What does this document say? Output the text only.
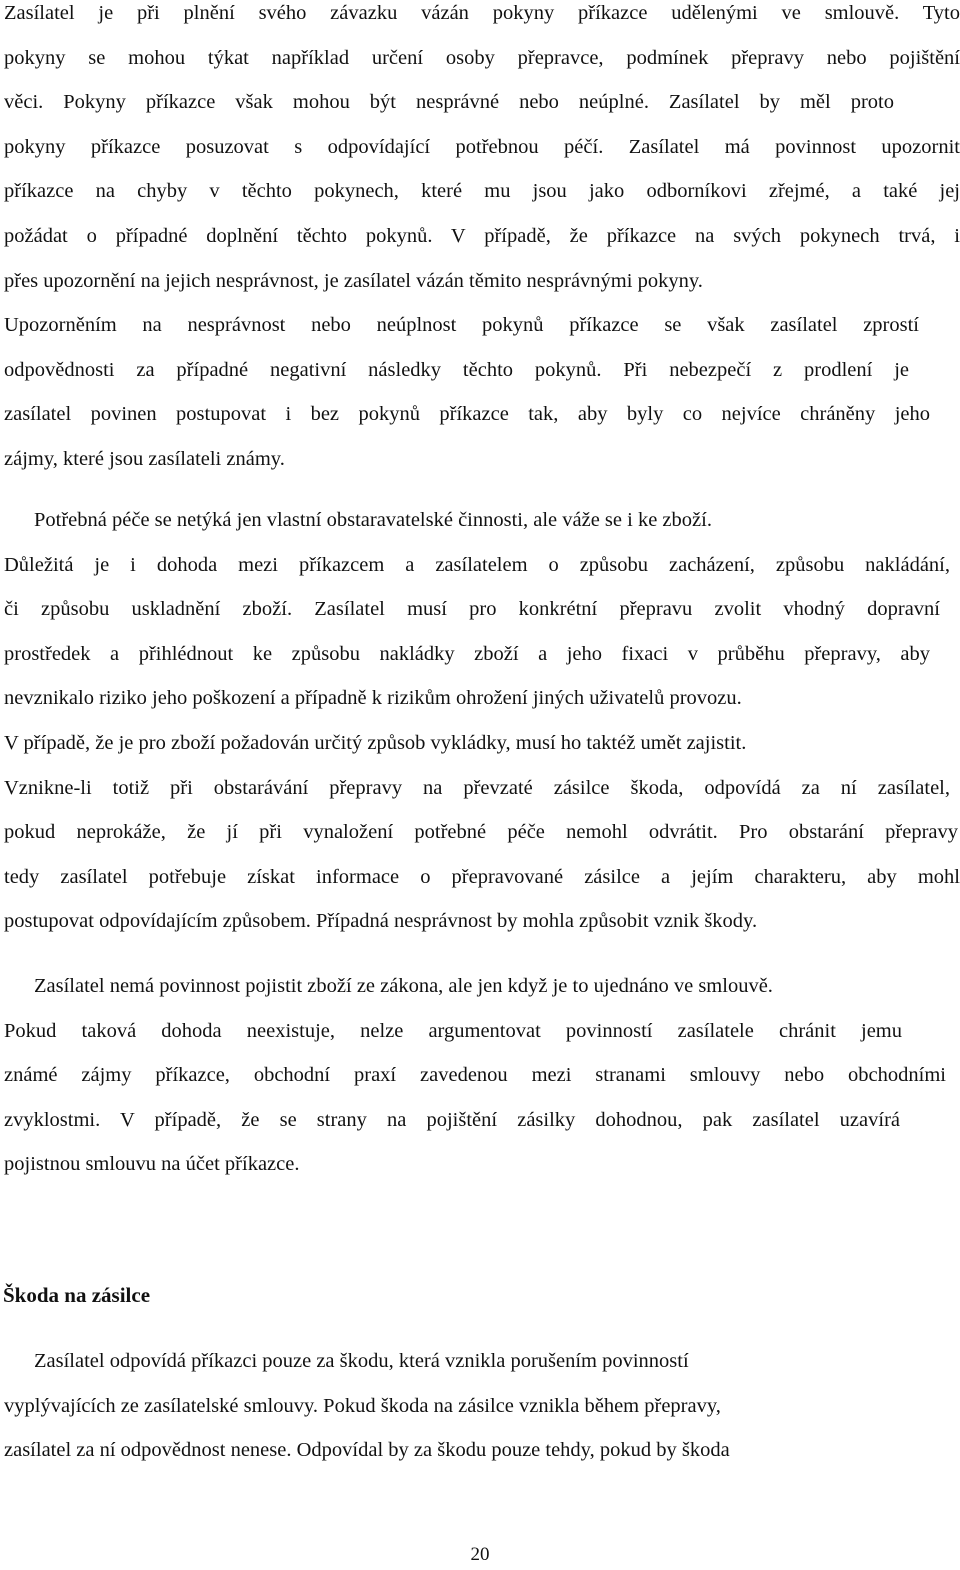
Zasílatel je při plnění svého závazku vázán pokyny příkazce udělenými ve smlouvě. Tyto
pokyny se mohou týkat například určení osoby přepravce, podmínek přepravy nebo pojištění
věci. Pokyny příkazce však mohou být nesprávné nebo neúplné. Zasílatel by měl proto
pokyny příkazce posuzovat s odpovídající potřebnou péčí. Zasílatel má povinnost upozornit
příkazce na chyby v těchto pokynech, které mu jsou jako odborníkovi zřejmé, a také jej
požádat o případné doplnění těchto pokynů. V případě, že příkazce na svých pokynech trvá, i
přes upozornění na jejich nesprávnost, je zasílatel vázán těmito nesprávnými pokyny.
Upozorněním na nesprávnost nebo neúplnost pokynů příkazce se však zasílatel zprostí
odpovědnosti za případné negativní následky těchto pokynů. Při nebezpečí z prodlení je
zasílatel povinen postupovat i bez pokynů příkazce tak, aby byly co nejvíce chráněny jeho
zájmy, které jsou zasílateli známy.
Potřebná péče se netýká jen vlastní obstaravatelské činnosti, ale váže se i ke zboží.
Důležitá je i dohoda mezi příkazcem a zasílatelem o způsobu zacházení, způsobu nakládání,
či způsobu uskladnění zboží. Zasílatel musí pro konkrétní přepravu zvolit vhodný dopravní
prostředek a přihlédnout ke způsobu nakládky zboží a jeho fixaci v průběhu přepravy, aby
nevznikalo riziko jeho poškození a případně k rizikům ohrožení jiných uživatelů provozu.
V případě, že je pro zboží požadován určitý způsob vykládky, musí ho taktéž umět zajistit.
Vznikne-li totiž při obstarávání přepravy na převzaté zásilce škoda, odpovídá za ní zasílatel,
pokud neprokáže, že jí při vynaložení potřebné péče nemohl odvrátit. Pro obstarání přepravy
tedy zasílatel potřebuje získat informace o přepravované zásilce a jejím charakteru, aby mohl
postupovat odpovídajícím způsobem. Případná nesprávnost by mohla způsobit vznik škody.
Zasílatel nemá povinnost pojistit zboží ze zákona, ale jen když je to ujednáno ve smlouvě.
Pokud taková dohoda neexistuje, nelze argumentovat povinností zasílatele chránit jemu
známé zájmy příkazce, obchodní praxí zavedenou mezi stranami smlouvy nebo obchodními
zvyklostmi. V případě, že se strany na pojištění zásilky dohodnou, pak zasílatel uzavírá
pojistnou smlouvu na účet příkazce.
Škoda na zásilce
Zasílatel odpovídá příkazci pouze za škodu, která vznikla porušením povinností
vyplývajících ze zasílatelské smlouvy. Pokud škoda na zásilce vznikla během přepravy,
zasílatel za ní odpovědnost nenese. Odpovídal by za škodu pouze tehdy, pokud by škoda
20
